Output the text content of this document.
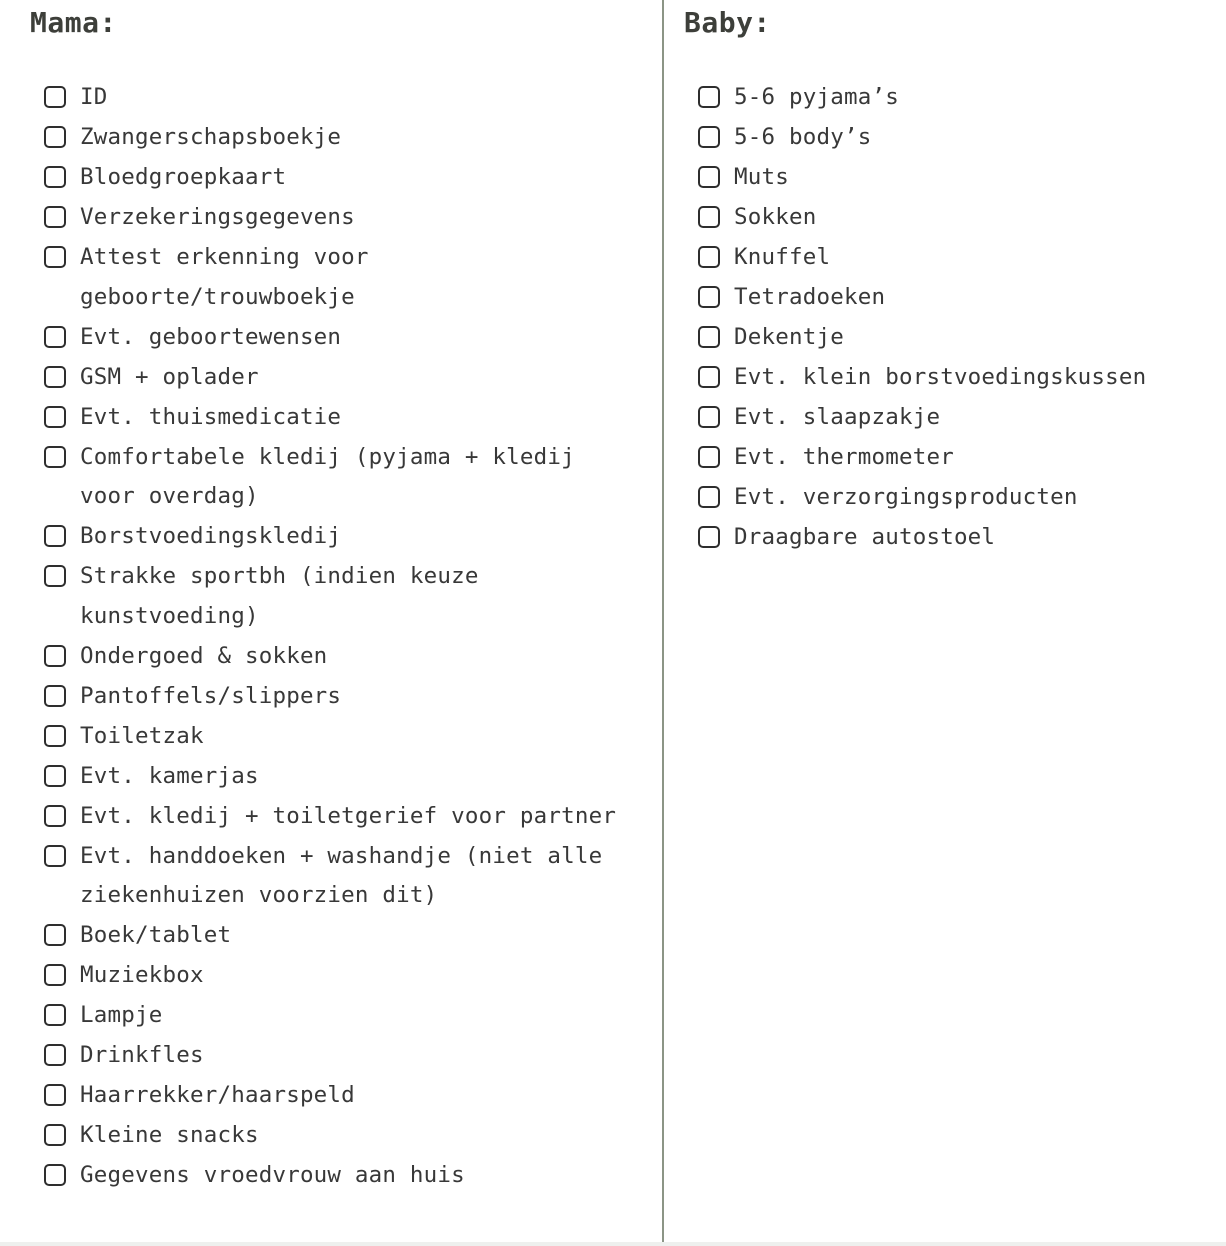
Mama:
ID
Zwangerschapsboekje
Bloedgroepkaart
Verzekeringsgegevens
Attest erkenning voor geboorte/trouwboekje
Evt. geboortewensen
GSM + oplader
Evt. thuismedicatie
Comfortabele kledij (pyjama + kledij voor overdag)
Borstvoedingskledij
Strakke sportbh (indien keuze kunstvoeding)
Ondergoed & sokken
Pantoffels/slippers
Toiletzak
Evt. kamerjas
Evt. kledij + toiletgerief voor partner
Evt. handdoeken + washandje (niet alle ziekenhuizen voorzien dit)
Boek/tablet
Muziekbox
Lampje
Drinkfles
Haarrekker/haarspeld
Kleine snacks
Gegevens vroedvrouw aan huis
Baby:
5-6 pyjama’s
5-6 body’s
Muts
Sokken
Knuffel
Tetradoeken
Dekentje
Evt. klein borstvoedingskussen
Evt. slaapzakje
Evt. thermometer
Evt. verzorgingsproducten
Draagbare autostoel
